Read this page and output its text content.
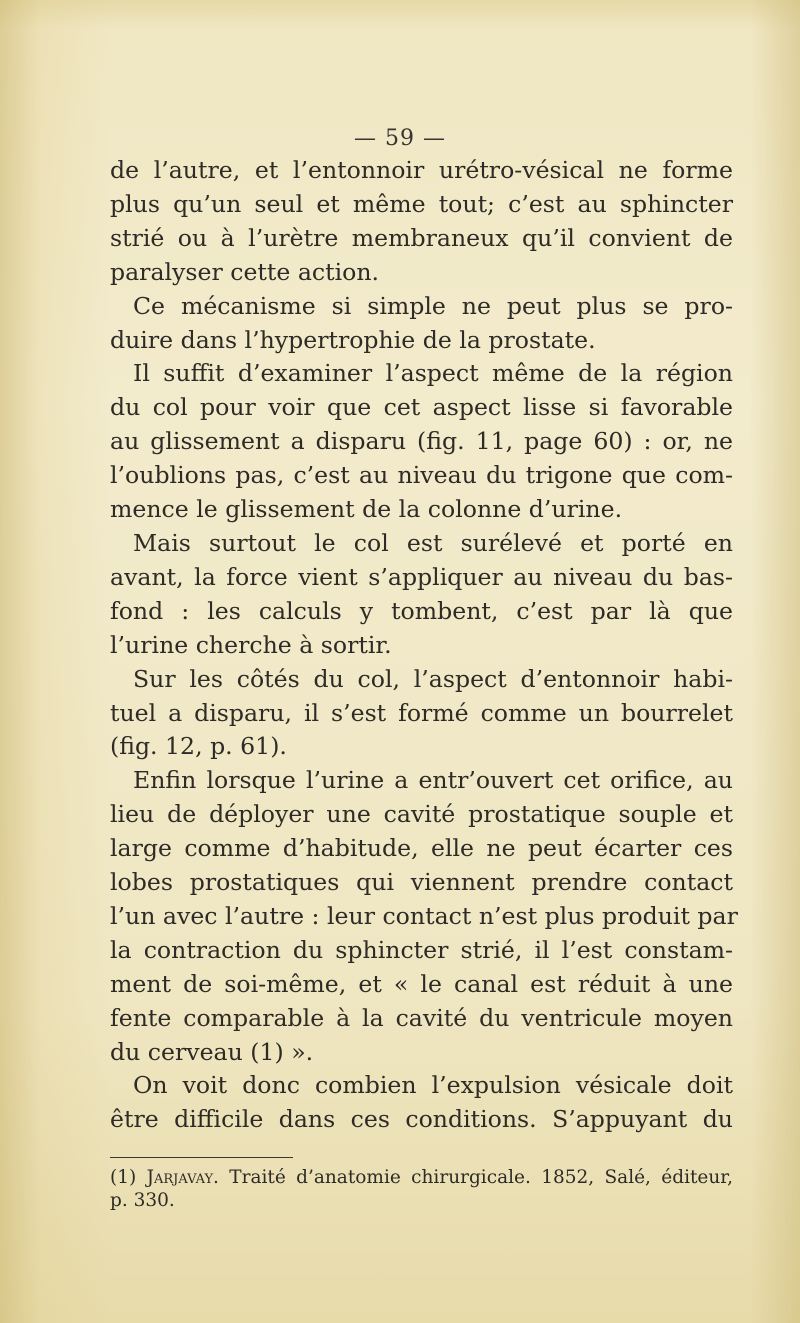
— 59 —
de l’autre, et l’entonnoir urétro-vésical ne forme
plus qu’un seul et même tout; c’est au sphincter
strié ou à l’urètre membraneux qu’il convient de
paralyser cette action.
Ce mécanisme si simple ne peut plus se pro-
duire dans l’hypertrophie de la prostate.
Il suffit d’examiner l’aspect même de la région
du col pour voir que cet aspect lisse si favorable
au glissement a disparu (fig. 11, page 60) : or, ne
l’oublions pas, c’est au niveau du trigone que com-
mence le glissement de la colonne d’urine.
Mais surtout le col est surélevé et porté en
avant, la force vient s’appliquer au niveau du bas-
fond : les calculs y tombent, c’est par là que
l’urine cherche à sortir.
Sur les côtés du col, l’aspect d’entonnoir habi-
tuel a disparu, il s’est formé comme un bourrelet
(fig. 12, p. 61).
Enfin lorsque l’urine a entr’ouvert cet orifice, au
lieu de déployer une cavité prostatique souple et
large comme d’habitude, elle ne peut écarter ces
lobes prostatiques qui viennent prendre contact
l’un avec l’autre : leur contact n’est plus produit par
la contraction du sphincter strié, il l’est constam-
ment de soi-même, et « le canal est réduit à une
fente comparable à la cavité du ventricule moyen
du cerveau (1) ».
On voit donc combien l’expulsion vésicale doit
être difficile dans ces conditions. S’appuyant du
(1) Jarjavay. Traité d’anatomie chirurgicale. 1852, Salé, éditeur,
p. 330.
